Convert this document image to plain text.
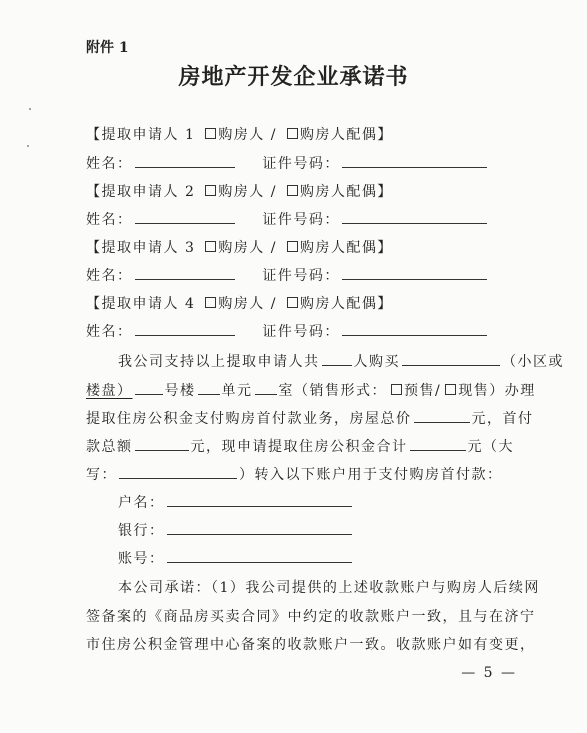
附件 1
房地产开发企业承诺书
【提取申请人 1 购房人 / 购房人配偶】
姓名：	证件号码：
【提取申请人 2 购房人 / 购房人配偶】
姓名：	证件号码：
【提取申请人 3 购房人 / 购房人配偶】
姓名：	证件号码：
【提取申请人 4 购房人 / 购房人配偶】
姓名：	证件号码：
我公司支持以上提取申请人共 人购买	（小区或
楼盘） 号楼 单元 室（销售形式： 预售/ 现售）办理
提取住房公积金支付购房首付款业务，房屋总价	元，首付
款总额	元，现申请提取住房公积金合计	元（大
写：	）转入以下账户用于支付购房首付款：
户名：
银行：
账号：
本公司承诺：（1）我公司提供的上述收款账户与购房人后续网
签备案的《商品房买卖合同》中约定的收款账户一致，且与在济宁
市住房公积金管理中心备案的收款账户一致。收款账户如有变更，
— 5 —
